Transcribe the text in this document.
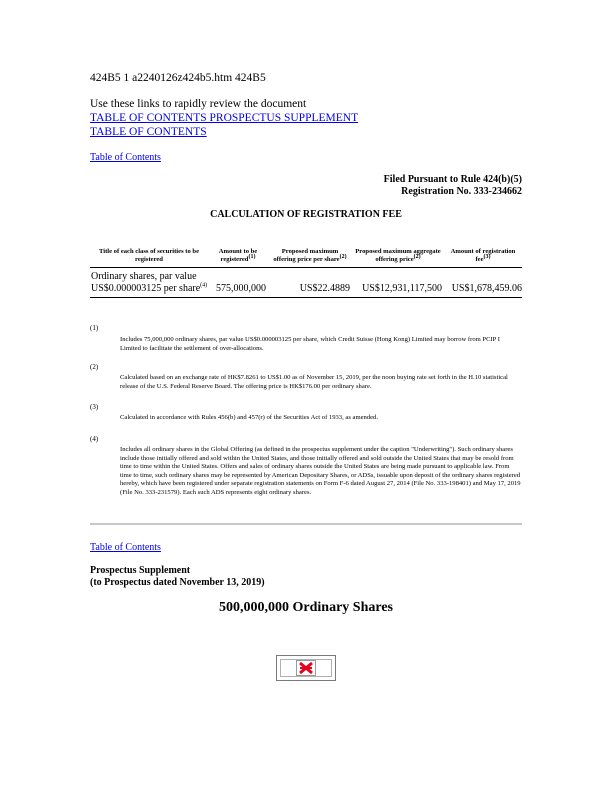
424B5 1 a2240126z424b5.htm 424B5
Use these links to rapidly review the document
TABLE OF CONTENTS PROSPECTUS SUPPLEMENT
TABLE OF CONTENTS
Table of Contents
Filed Pursuant to Rule 424(b)(5)
Registration No. 333-234662
CALCULATION OF REGISTRATION FEE
Title of each class of securities to be registered	Amount to be registered$^{(1)}$	Proposed maximum offering price per share$^{(2)}$	Proposed maximum aggregate offering price$^{(2)}$	Amount of registration fee$^{(3)}$
Ordinary shares, par value US$0.000003125 per share$^{(4)}$	575,000,000	US$22.4889	US$12,931,117,500	US$1,678,459.06
(1)
Includes 75,000,000 ordinary shares, par value US$0.000003125 per share, which Credit Suisse (Hong Kong) Limited may borrow from PCIP I Limited to facilitate the settlement of over-allocations.
(2)
Calculated based on an exchange rate of HK$7.8261 to US$1.00 as of November 15, 2019, per the noon buying rate set forth in the H.10 statistical release of the U.S. Federal Reserve Board. The offering price is HK$176.00 per ordinary share.
(3)
Calculated in accordance with Rules 456(b) and 457(r) of the Securities Act of 1933, as amended.
(4)
Includes all ordinary shares in the Global Offering (as defined in the prospectus supplement under the caption "Underwriting"). Such ordinary shares include those initially offered and sold within the United States, and those initially offered and sold outside the United States that may be resold from time to time within the United States. Offers and sales of ordinary shares outside the United States are being made pursuant to applicable law. From time to time, such ordinary shares may be represented by American Depositary Shares, or ADSs, issuable upon deposit of the ordinary shares registered hereby, which have been registered under separate registration statements on Form F-6 dated August 27, 2014 (File No. 333-198401) and May 17, 2019 (File No. 333-231579). Each such ADS represents eight ordinary shares.
Table of Contents
Prospectus Supplement
(to Prospectus dated November 13, 2019)
500,000,000 Ordinary Shares
